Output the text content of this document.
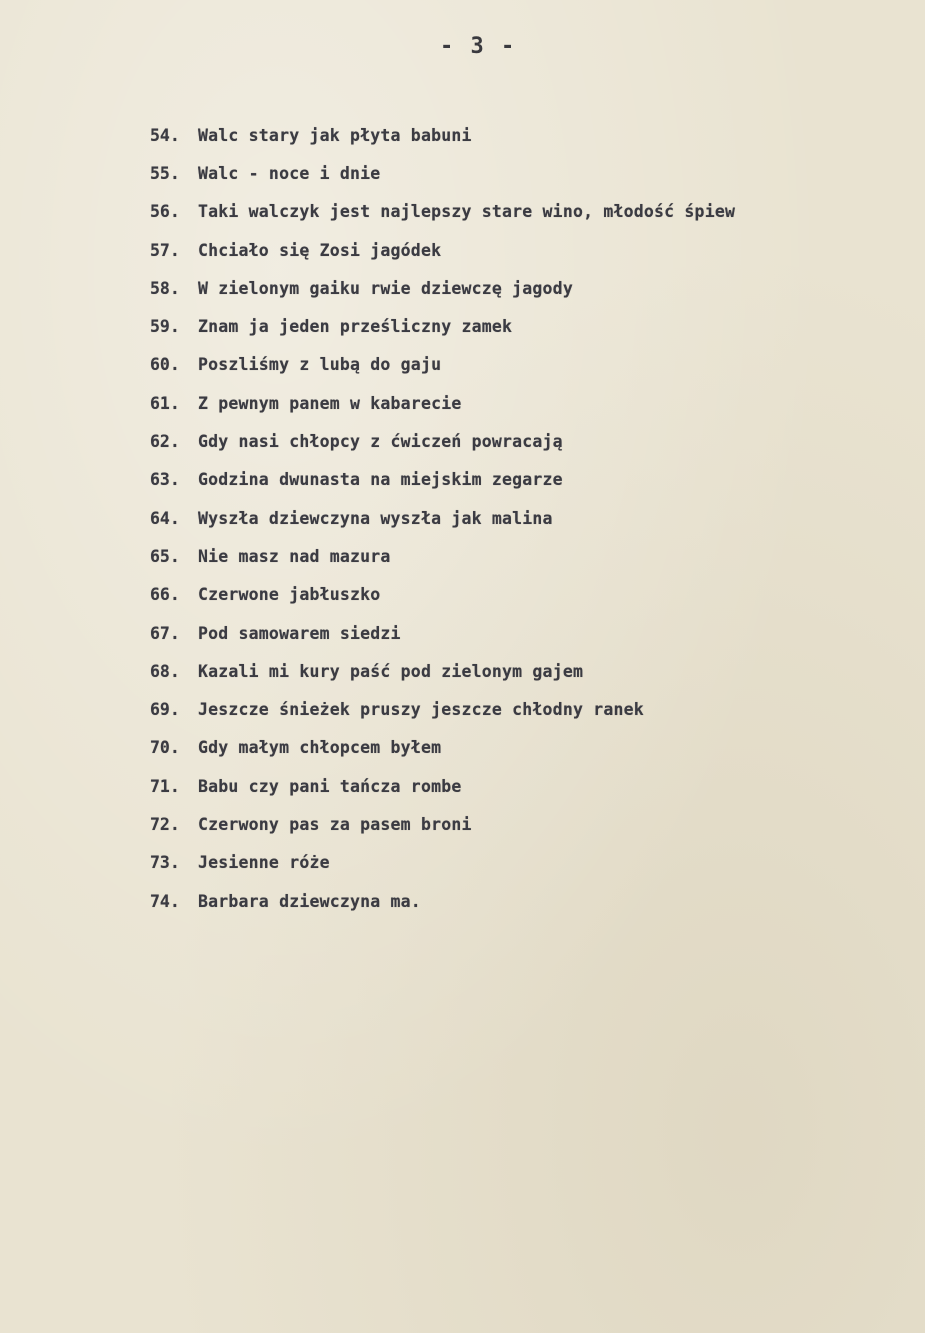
- 3 -

54.	Walc stary jak płyta babuni
55.	Walc - noce i dnie
56.	Taki walczyk jest najlepszy stare wino, młodość śpiew
57.	Chciało się Zosi jagódek
58.	W zielonym gaiku rwie dziewczę jagody
59.	Znam ja jeden prześliczny zamek
60.	Poszliśmy z lubą do gaju
61.	Z pewnym panem w kabarecie
62.	Gdy nasi chłopcy z ćwiczeń powracają
63.	Godzina dwunasta na miejskim zegarze
64.	Wyszła dziewczyna wyszła jak malina
65.	Nie masz nad mazura
66.	Czerwone jabłuszko
67.	Pod samowarem siedzi
68.	Kazali mi kury paść pod zielonym gajem
69.	Jeszcze śnieżek pruszy jeszcze chłodny ranek
70.	Gdy małym chłopcem byłem
71.	Babu czy pani tańcza rombe
72.	Czerwony pas za pasem broni
73.	Jesienne róże
74.	Barbara dziewczyna ma.
